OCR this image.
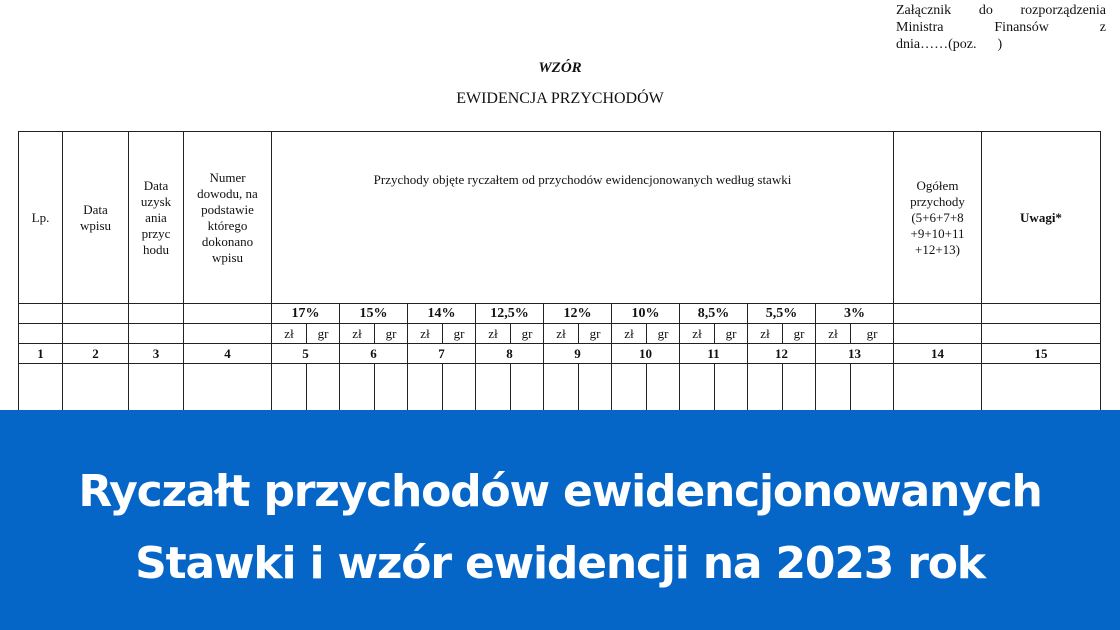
Załącznik do rozporządzenia
Ministra	Finansów	z
dnia……(poz.      )
WZÓR
EWIDENCJA PRZYCHODÓW
Lp.	Data wpisu	Data uzysk ania przyc hodu	Numer dowodu, na podstawie którego dokonano wpisu	Przychody objęte ryczałtem od przychodów ewidencjonowanych według stawki																		Ogółem przychody (5+6+7+8 +9+10+11 +12+13)	Uwagi*
				17%		15%		14%		12,5%		12%		10%		8,5%		5,5%		3%			
				zł	gr	zł	gr	zł	gr	zł	gr	zł	gr	zł	gr	zł	gr	zł	gr	zł	gr		
1	2	3	4	5		6		7		8		9		10		11		12		13		14	15

Ryczałt przychodów ewidencjonowanych
Stawki i wzór ewidencji na 2023 rok
